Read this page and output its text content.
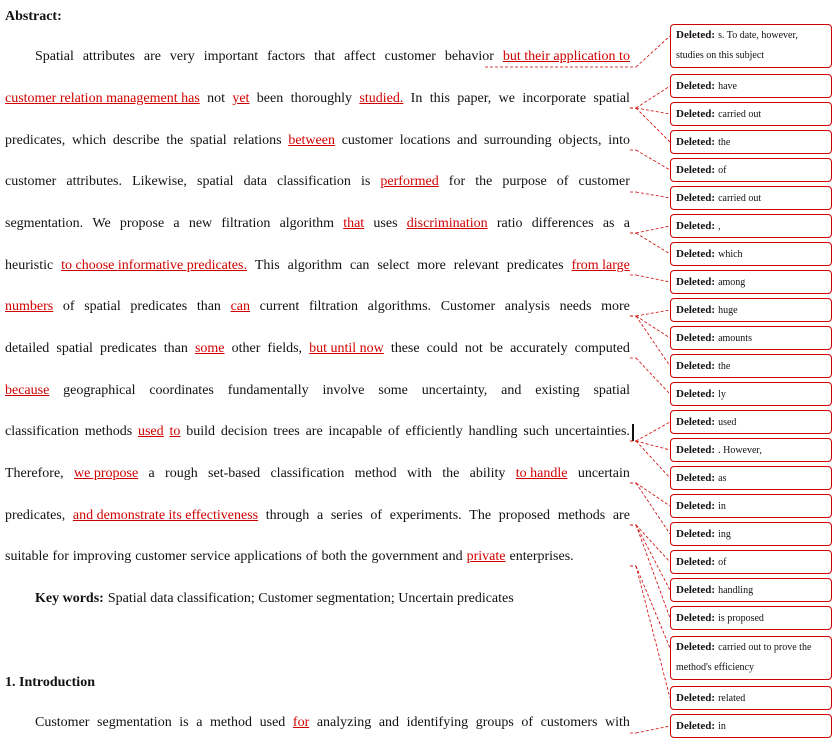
Abstract:
Spatial attributes are very important factors that affect customer behavior but their application to
customer relation management has not yet been thoroughly studied. In this paper, we incorporate spatial
predicates, which describe the spatial relations between customer locations and surrounding objects, into
customer attributes. Likewise, spatial data classification is performed for the purpose of customer
segmentation. We propose a new filtration algorithm that uses discrimination ratio differences as a
heuristic to choose informative predicates. This algorithm can select more relevant predicates from large
numbers of spatial predicates than can current filtration algorithms. Customer analysis needs more
detailed spatial predicates than some other fields, but until now these could not be accurately computed
because geographical coordinates fundamentally involve some uncertainty, and existing spatial
classification methods used to build decision trees are incapable of efficiently handling such uncertainties.
Therefore, we propose a rough set-based classification method with the ability to handle uncertain
predicates, and demonstrate its effectiveness through a series of experiments. The proposed methods are
suitable for improving customer service applications of both the government and private enterprises.
Key words: Spatial data classification; Customer segmentation; Uncertain predicates
1. Introduction
Customer segmentation is a method used for analyzing and identifying groups of customers with
Deleted: s. To date, however, studies on this subject
Deleted: have
Deleted: carried out
Deleted: the
Deleted: of
Deleted: carried out
Deleted: ,
Deleted: which
Deleted: among
Deleted: huge
Deleted: amounts
Deleted: the
Deleted: ly
Deleted: used
Deleted: . However,
Deleted: as
Deleted: in
Deleted: ing
Deleted: of
Deleted: handling
Deleted: is proposed
Deleted: carried out to prove the method's efficiency
Deleted: related
Deleted: in
